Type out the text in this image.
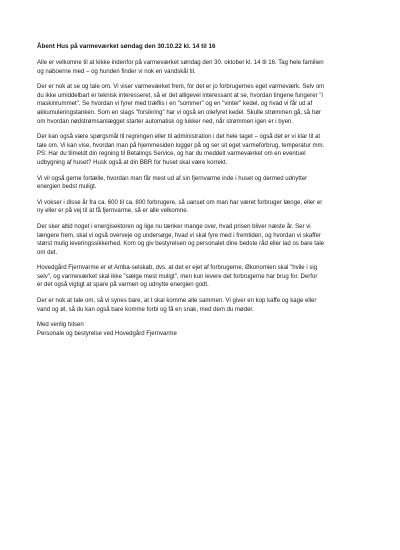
Åbent Hus på varmeværket søndag den 30.10.22 kl. 14 til 16
Alle er velkomne til at kikke indenfor på varmeværket søndag den 30. oktober kl. 14 til 16. Tag hele familien
og naboerne med – og hunden finder vi nok en vandskål til.
Der er nok at se og tale om. Vi viser varmeværket frem, for det er jo forbrugernes eget varmeværk. Selv om
du ikke umiddelbart er teknisk interesseret, så er det alligevel interessant at se, hvordan tingene fungerer "i
maskinrummet". Se hvordan vi fyrer med træflis i en "sommer" og en "vinter" kedel, og hvad vi får ud af
akkumuleringstanken. Som en slags "forsikring" har vi også en oliefyret kedel. Skulle strømmen gå, så hør
om hvordan nødstrømsanlægget starter automatisk og lukker ned, når strømmen igen er i byen.
Der kan også være spørgsmål til regningen eller til administration i det hele taget – også det er vi klar til at
tale om. Vi kan vise, hvordan man på hjemmesiden logger på og ser sit eget varmeforbrug, temperatur mm.
PS: Har du tilmeldt din regning til Betalings Service, og har du meddelt varmeværket om en eventuel
udbygning af huset? Husk også at din BBR for huset skal være korrekt.
Vi vil også gerne fortælle, hvordan man får mest ud af sin fjernvarme inde i huset og dermed udnytter
energien bedst muligt.
Vi vokser i disse år fra ca. 600 til ca. 800 forbrugere, så uanset om man har været forbruger længe, eller er
ny eller er på vej til at få fjernvarme, så er alle velkomne.
Der sker altid noget i energisektoren og lige nu tænker mange over, hvad prisen bliver næste år. Ser vi
længere frem, skal vi også overveje og undersøge, hvad vi skal fyre med i fremtiden, og hvordan vi skaffer
størst mulig leveringssikkerhed. Kom og giv bestyrelsen og personalet dine bedste råd eller lad os bare tale
om det.
Hovedgård Fjernvarme er et Amba-selskab, dvs. at det er ejet af forbrugerne. Økonomien skal "hvile i sig
selv", og varmeværket skal ikke "sælge mest muligt", men kun levere det forbrugerne har brug for. Derfor
er det også vigtigt at spare på varmen og udnytte energien godt.
Der er nok at tale om, så vi synes bare, at I skal komme alle sammen. Vi giver en kop kaffe og kage eller
vand og øl, så du kan også bare komme forbi og få en snak, med dem du møder.
Med venlig hilsen
Personale og bestyrelse ved Hovedgård Fjernvarme
